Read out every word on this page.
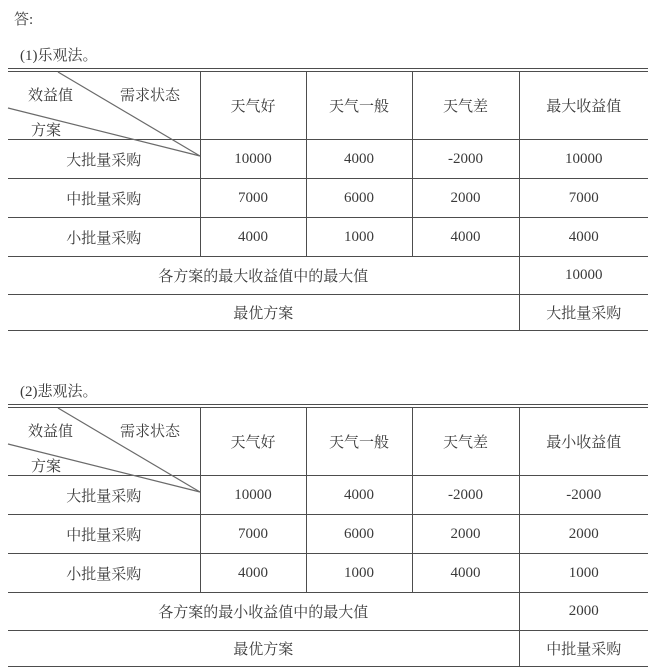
答:
(1)乐观法。
效益值 需求状态
方案	天气好	天气一般	天气差	最大收益值
大批量采购	10000	4000	-2000	10000
中批量采购	7000	6000	2000	7000
小批量采购	4000	1000	4000	4000
各方案的最大收益值中的最大值				10000
最优方案				大批量采购
(2)悲观法。
效益值 需求状态
方案	天气好	天气一般	天气差	最小收益值
大批量采购	10000	4000	-2000	-2000
中批量采购	7000	6000	2000	2000
小批量采购	4000	1000	4000	1000
各方案的最小收益值中的最大值				2000
最优方案				中批量采购
